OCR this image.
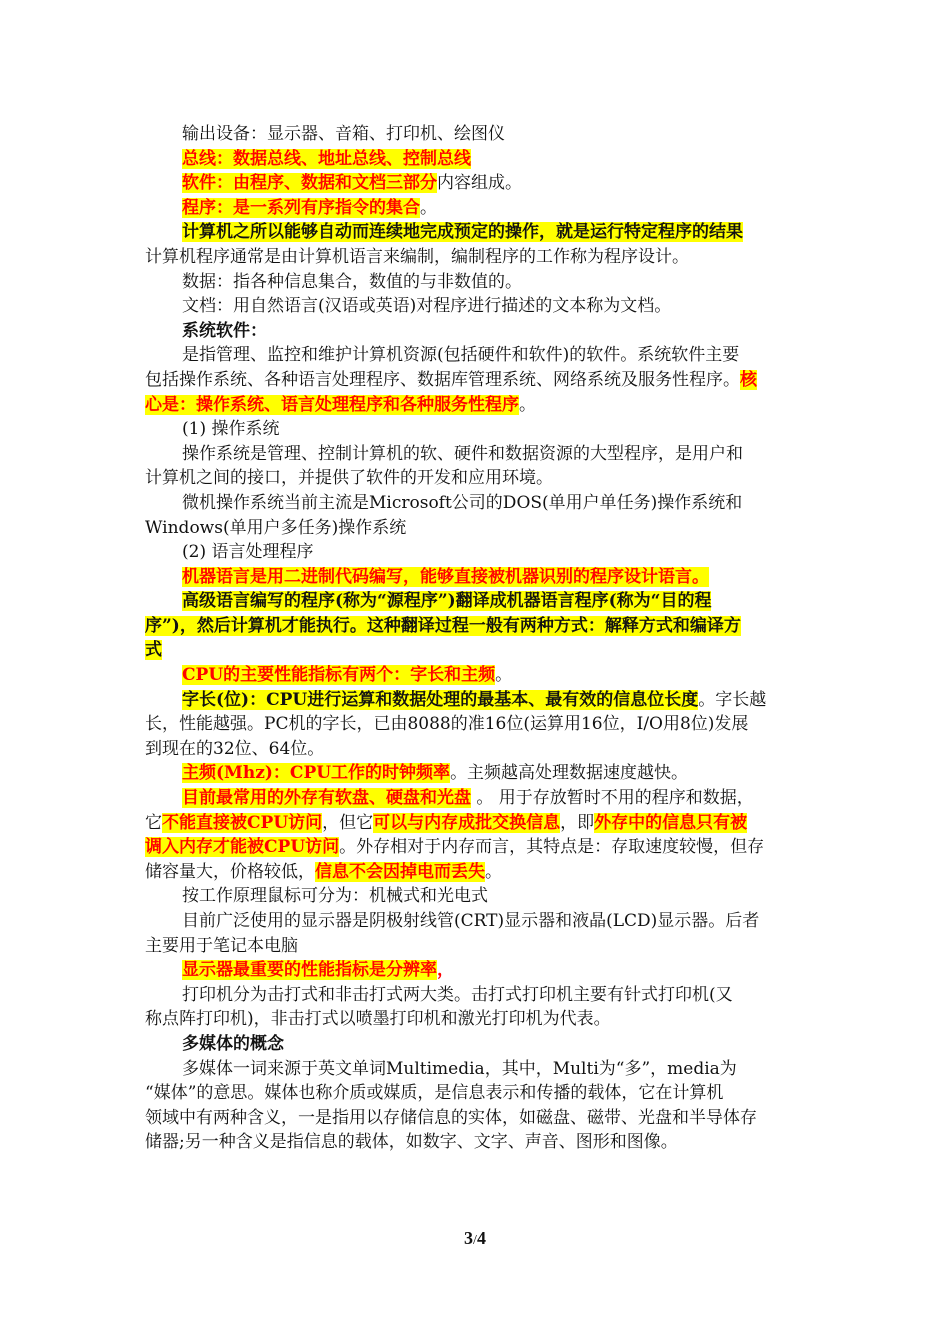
输出设备：显示器、音箱、打印机、绘图仪
总线：数据总线、地址总线、控制总线
软件：由程序、数据和文档三部分内容组成。
程序：是一系列有序指令的集合。
计算机之所以能够自动而连续地完成预定的操作，就是运行特定程序的结果
计算机程序通常是由计算机语言来编制，编制程序的工作称为程序设计。
数据：指各种信息集合，数值的与非数值的。
文档：用自然语言(汉语或英语)对程序进行描述的文本称为文档。
系统软件：
是指管理、监控和维护计算机资源(包括硬件和软件)的软件。系统软件主要
包括操作系统、各种语言处理程序、数据库管理系统、网络系统及服务性程序。核
心是：操作系统、语言处理程序和各种服务性程序。
(1) 操作系统
操作系统是管理、控制计算机的软、硬件和数据资源的大型程序，是用户和
计算机之间的接口，并提供了软件的开发和应用环境。
微机操作系统当前主流是Microsoft公司的DOS(单用户单任务)操作系统和
Windows(单用户多任务)操作系统
(2) 语言处理程序
机器语言是用二进制代码编写，能够直接被机器识别的程序设计语言。
高级语言编写的程序(称为“源程序”)翻译成机器语言程序(称为“目的程
序”)，然后计算机才能执行。这种翻译过程一般有两种方式：解释方式和编译方
式
CPU的主要性能指标有两个：字长和主频。
字长(位)：CPU进行运算和数据处理的最基本、最有效的信息位长度。字长越
长，性能越强。PC机的字长，已由8088的准16位(运算用16位，I/O用8位)发展
到现在的32位、64位。
主频(Mhz)：CPU工作的时钟频率。主频越高处理数据速度越快。
目前最常用的外存有软盘、硬盘和光盘 。 用于存放暂时不用的程序和数据，
它不能直接被CPU访问，但它可以与内存成批交换信息，即外存中的信息只有被
调入内存才能被CPU访问。外存相对于内存而言，其特点是：存取速度较慢，但存
储容量大，价格较低，信息不会因掉电而丢失。
按工作原理鼠标可分为：机械式和光电式
目前广泛使用的显示器是阴极射线管(CRT)显示器和液晶(LCD)显示器。后者
主要用于笔记本电脑
显示器最重要的性能指标是分辨率，
打印机分为击打式和非击打式两大类。击打式打印机主要有针式打印机(又
称点阵打印机)，非击打式以喷墨打印机和激光打印机为代表。
多媒体的概念
多媒体一词来源于英文单词Multimedia，其中，Multi为“多”，media为
“媒体”的意思。媒体也称介质或媒质，是信息表示和传播的载体，它在计算机
领域中有两种含义，一是指用以存储信息的实体，如磁盘、磁带、光盘和半导体存
储器;另一种含义是指信息的载体，如数字、文字、声音、图形和图像。
3/4
